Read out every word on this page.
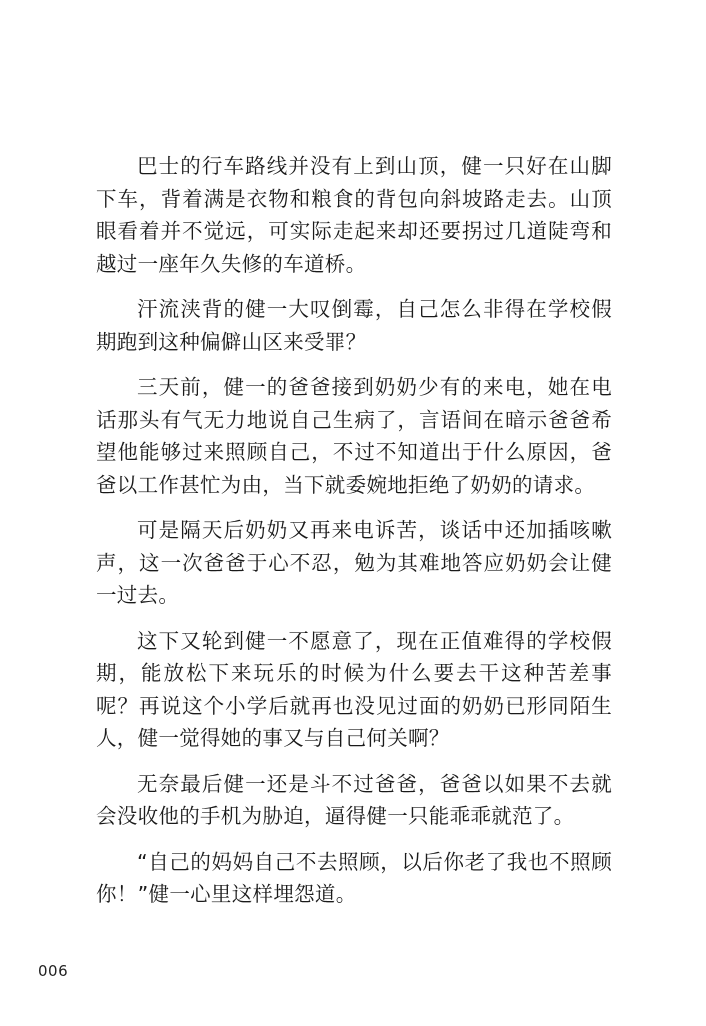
巴士的行车路线并没有上到山顶，健一只好在山脚下车，背着满是衣物和粮食的背包向斜坡路走去。山顶眼看着并不觉远，可实际走起来却还要拐过几道陡弯和越过一座年久失修的车道桥。

汗流浃背的健一大叹倒霉，自己怎么非得在学校假期跑到这种偏僻山区来受罪？

三天前，健一的爸爸接到奶奶少有的来电，她在电话那头有气无力地说自己生病了，言语间在暗示爸爸希望他能够过来照顾自己，不过不知道出于什么原因，爸爸以工作甚忙为由，当下就委婉地拒绝了奶奶的请求。

可是隔天后奶奶又再来电诉苦，谈话中还加插咳嗽声，这一次爸爸于心不忍，勉为其难地答应奶奶会让健一过去。

这下又轮到健一不愿意了，现在正值难得的学校假期，能放松下来玩乐的时候为什么要去干这种苦差事呢？再说这个小学后就再也没见过面的奶奶已形同陌生人，健一觉得她的事又与自己何关啊？

无奈最后健一还是斗不过爸爸，爸爸以如果不去就会没收他的手机为胁迫，逼得健一只能乖乖就范了。

“自己的妈妈自己不去照顾，以后你老了我也不照顾你！”健一心里这样埋怨道。

006
